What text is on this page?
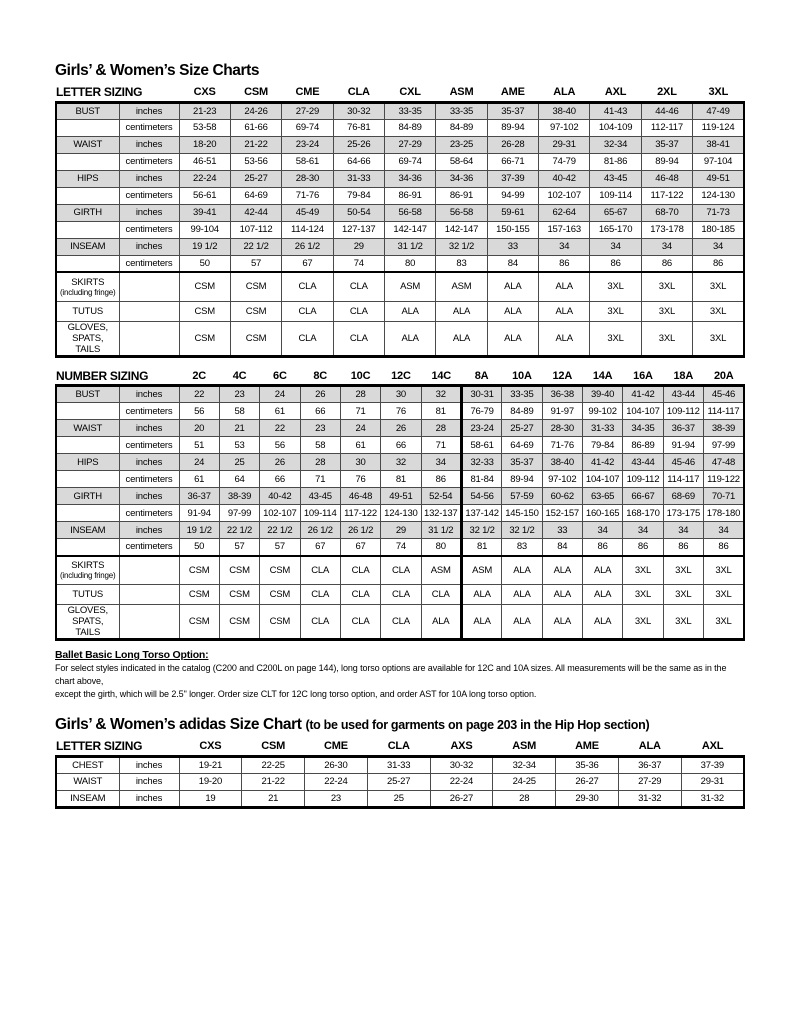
Girls’ & Women’s Size Charts
LETTER SIZING		CXS	CSM	CME	CLA	CXL	ASM	AME	ALA	AXL	2XL	3XL

BUST	inches	21-23	24-26	27-29	30-32	33-35	33-35	35-37	38-40	41-43	44-46	47-49

	centimeters	53-58	61-66	69-74	76-81	84-89	84-89	89-94	97-102	104-109	112-117	119-124

WAIST	inches	18-20	21-22	23-24	25-26	27-29	23-25	26-28	29-31	32-34	35-37	38-41

	centimeters	46-51	53-56	58-61	64-66	69-74	58-64	66-71	74-79	81-86	89-94	97-104

HIPS	inches	22-24	25-27	28-30	31-33	34-36	34-36	37-39	40-42	43-45	46-48	49-51

	centimeters	56-61	64-69	71-76	79-84	86-91	86-91	94-99	102-107	109-114	117-122	124-130

GIRTH	inches	39-41	42-44	45-49	50-54	56-58	56-58	59-61	62-64	65-67	68-70	71-73

	centimeters	99-104	107-112	114-124	127-137	142-147	142-147	150-155	157-163	165-170	173-178	180-185

INSEAM	inches	19 1/2	22 1/2	26 1/2	29	31 1/2	32 1/2	33	34	34	34	34

	centimeters	50	57	67	74	80	83	84	86	86	86	86

SKIRTS
(including fringe)		CSM	CSM	CLA	CLA	ASM	ASM	ALA	ALA	3XL	3XL	3XL

TUTUS		CSM	CSM	CLA	CLA	ALA	ALA	ALA	ALA	3XL	3XL	3XL

GLOVES, SPATS,
TAILS		CSM	CSM	CLA	CLA	ALA	ALA	ALA	ALA	3XL	3XL	3XL
NUMBER SIZING		2C	4C	6C	8C	10C	12C	14C	8A	10A	12A	14A	16A	18A	20A

BUST	inches	22	23	24	26	28	30	32	30-31	33-35	36-38	39-40	41-42	43-44	45-46

	centimeters	56	58	61	66	71	76	81	76-79	84-89	91-97	99-102	104-107	109-112	114-117

WAIST	inches	20	21	22	23	24	26	28	23-24	25-27	28-30	31-33	34-35	36-37	38-39

	centimeters	51	53	56	58	61	66	71	58-61	64-69	71-76	79-84	86-89	91-94	97-99

HIPS	inches	24	25	26	28	30	32	34	32-33	35-37	38-40	41-42	43-44	45-46	47-48

	centimeters	61	64	66	71	76	81	86	81-84	89-94	97-102	104-107	109-112	114-117	119-122

GIRTH	inches	36-37	38-39	40-42	43-45	46-48	49-51	52-54	54-56	57-59	60-62	63-65	66-67	68-69	70-71

	centimeters	91-94	97-99	102-107	109-114	117-122	124-130	132-137	137-142	145-150	152-157	160-165	168-170	173-175	178-180

INSEAM	inches	19 1/2	22 1/2	22 1/2	26 1/2	26 1/2	29	31 1/2	32 1/2	32 1/2	33	34	34	34	34

	centimeters	50	57	57	67	67	74	80	81	83	84	86	86	86	86

SKIRTS
(including fringe)		CSM	CSM	CSM	CLA	CLA	CLA	ASM	ASM	ALA	ALA	ALA	3XL	3XL	3XL

TUTUS		CSM	CSM	CSM	CLA	CLA	CLA	CLA	ALA	ALA	ALA	ALA	3XL	3XL	3XL

GLOVES, SPATS,
TAILS		CSM	CSM	CSM	CLA	CLA	CLA	ALA	ALA	ALA	ALA	ALA	3XL	3XL	3XL
Ballet Basic Long Torso Option:
For select styles indicated in the catalog (C200 and C200L on page 144), long torso options are available for 12C and 10A sizes. All measurements will be the same as in the chart above,
except the girth, which will be 2.5" longer. Order size CLT for 12C long torso option, and order AST for 10A long torso option.
Girls’ & Women’s adidas Size Chart (to be used for garments on page 203 in the Hip Hop section)
LETTER SIZING		CXS	CSM	CME	CLA	AXS	ASM	AME	ALA	AXL

CHEST	inches	19-21	22-25	26-30	31-33	30-32	32-34	35-36	36-37	37-39

WAIST	inches	19-20	21-22	22-24	25-27	22-24	24-25	26-27	27-29	29-31

INSEAM	inches	19	21	23	25	26-27	28	29-30	31-32	31-32
